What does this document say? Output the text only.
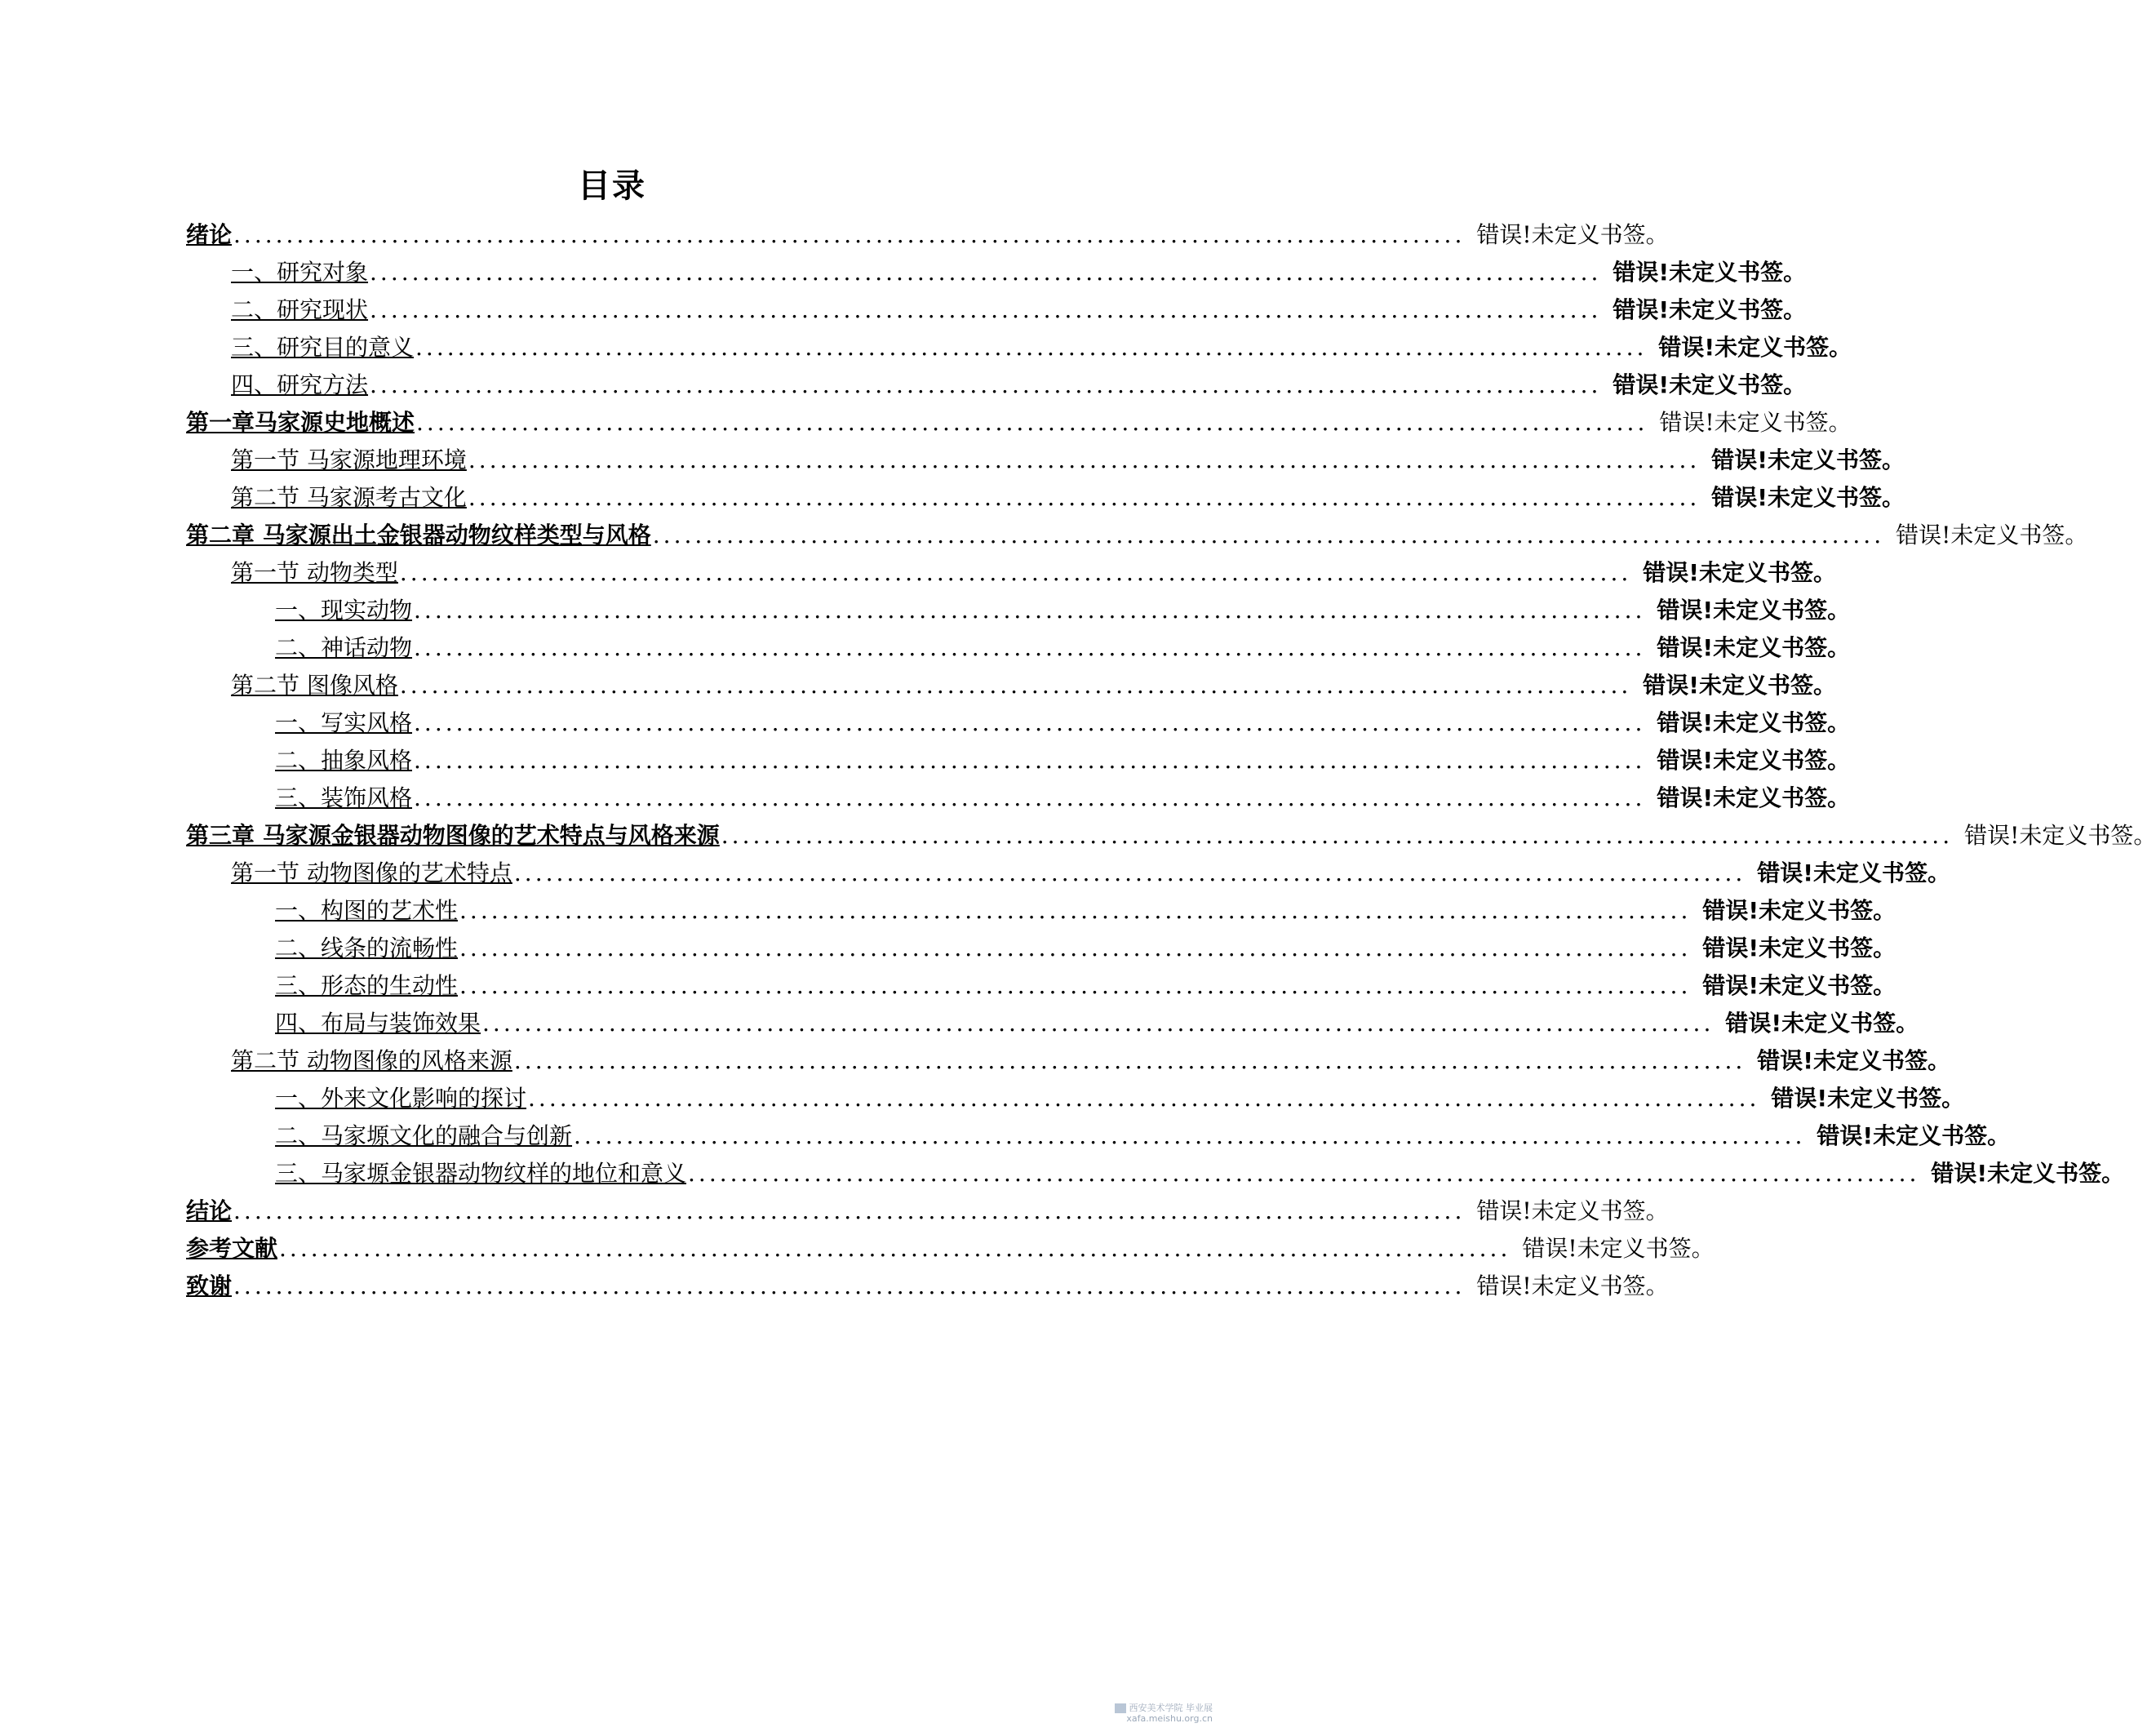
目录
绪论 ..................................................................................................................... 错误!未定义书签。
一、 研究对象 ..................................................................................................................... 错误!未定义书签。
二、 研究现状 ..................................................................................................................... 错误!未定义书签。
三、 研究目的意义 ..................................................................................................................... 错误!未定义书签。
四、 研究方法 ..................................................................................................................... 错误!未定义书签。
第一章马家源史地概述 ..................................................................................................................... 错误!未定义书签。
第一节 马家源地理环境 ..................................................................................................................... 错误!未定义书签。
第二节 马家源考古文化 ..................................................................................................................... 错误!未定义书签。
第二章 马家源出土金银器动物纹样类型与风格 ..................................................................................................................... 错误!未定义书签。
第一节 动物类型 ..................................................................................................................... 错误!未定义书签。
一、 现实动物 ..................................................................................................................... 错误!未定义书签。
二、 神话动物 ..................................................................................................................... 错误!未定义书签。
第二节 图像风格 ..................................................................................................................... 错误!未定义书签。
一、写实风格 ..................................................................................................................... 错误!未定义书签。
二、抽象风格 ..................................................................................................................... 错误!未定义书签。
三、装饰风格 ..................................................................................................................... 错误!未定义书签。
第三章 马家源金银器动物图像的艺术特点与风格来源 ..................................................................................................................... 错误!未定义书签。
第一节 动物图像的艺术特点 ..................................................................................................................... 错误!未定义书签。
一、构图的艺术性 ..................................................................................................................... 错误!未定义书签。
二、线条的流畅性 ..................................................................................................................... 错误!未定义书签。
三、形态的生动性 ..................................................................................................................... 错误!未定义书签。
四、布局与装饰效果 ..................................................................................................................... 错误!未定义书签。
第二节 动物图像的风格来源 ..................................................................................................................... 错误!未定义书签。
一、 外来文化影响的探讨 ..................................................................................................................... 错误!未定义书签。
二、 马家塬文化的融合与创新 ..................................................................................................................... 错误!未定义书签。
三、 马家塬金银器动物纹样的地位和意义 ..................................................................................................................... 错误!未定义书签。
结论 ..................................................................................................................... 错误!未定义书签。
参考文献 ..................................................................................................................... 错误!未定义书签。
致谢 ..................................................................................................................... 错误!未定义书签。
西安美术学院 毕业展
xafa.meishu.org.cn
